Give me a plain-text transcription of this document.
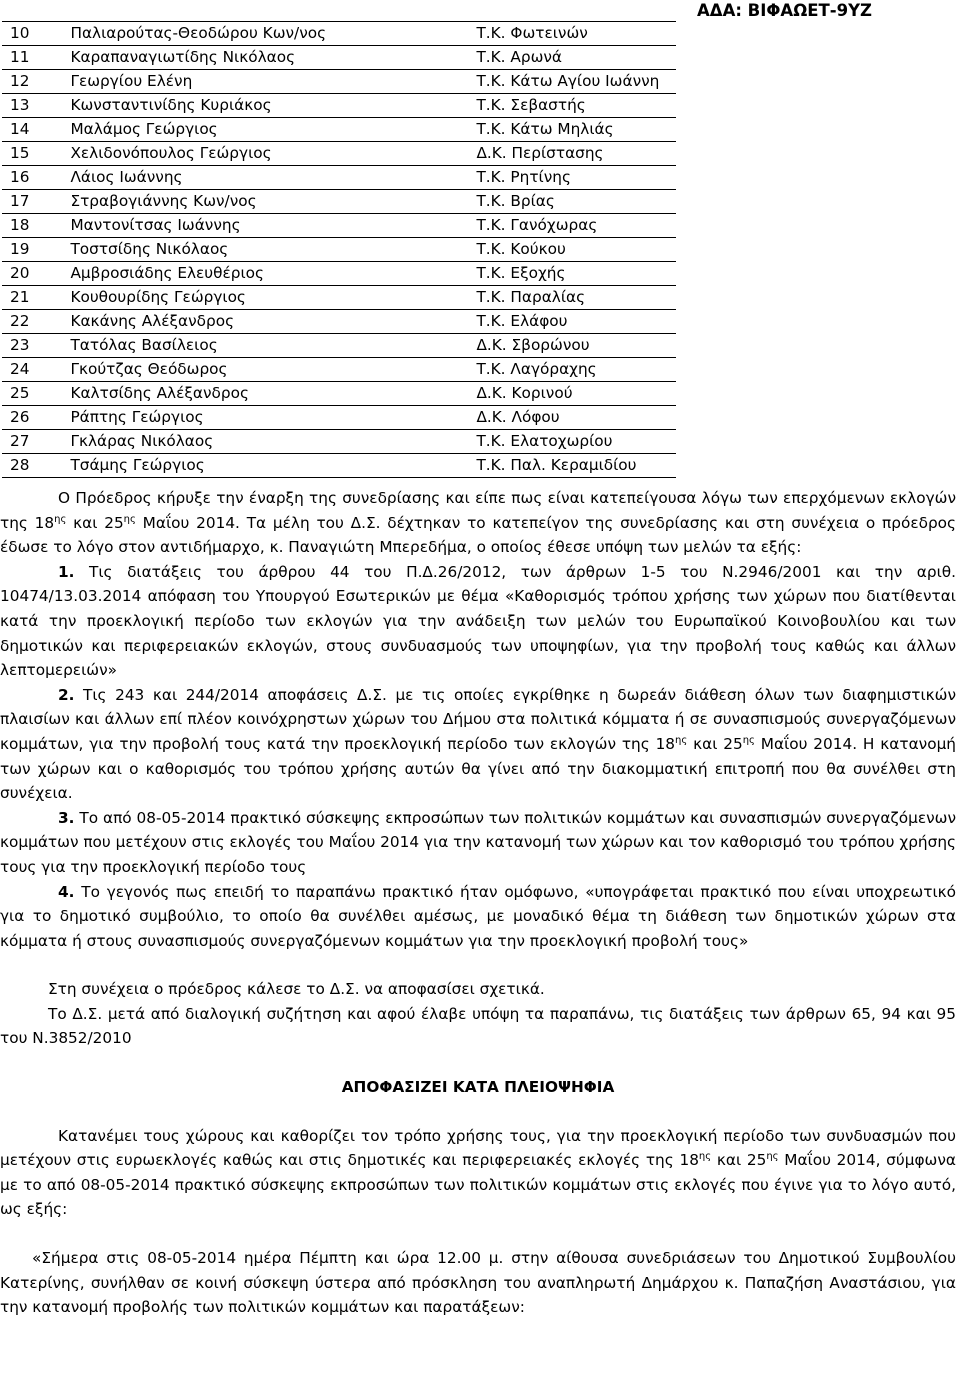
ΑΔΑ: ΒΙΦΑΩΕΤ-9ΥΖ
10	Παλιαρούτας-Θεοδώρου Κων/νος	Τ.Κ. Φωτεινών
11	Καραπαναγιωτίδης Νικόλαος	Τ.Κ. Αρωνά
12	Γεωργίου Ελένη	Τ.Κ. Κάτω Αγίου Ιωάννη
13	Κωνσταντινίδης Κυριάκος	Τ.Κ. Σεβαστής
14	Μαλάμος Γεώργιος	Τ.Κ. Κάτω Μηλιάς
15	Χελιδονόπουλος Γεώργιος	Δ.Κ. Περίστασης
16	Λάιος Ιωάννης	Τ.Κ. Ρητίνης
17	Στραβογιάννης Κων/νος	Τ.Κ. Βρίας
18	Μαντονίτσας Ιωάννης	Τ.Κ. Γανόχωρας
19	Τοστσίδης Νικόλαος	Τ.Κ. Κούκου
20	Αμβροσιάδης Ελευθέριος	Τ.Κ. Εξοχής
21	Κουθουρίδης Γεώργιος	Τ.Κ. Παραλίας
22	Κακάνης Αλέξανδρος	Τ.Κ. Ελάφου
23	Τατόλας Βασίλειος	Δ.Κ. Σβορώνου
24	Γκούτζας Θεόδωρος	Τ.Κ. Λαγόραχης
25	Καλτσίδης Αλέξανδρος	Δ.Κ. Κορινού
26	Ράπτης Γεώργιος	Δ.Κ. Λόφου
27	Γκλάρας Νικόλαος	Τ.Κ. Ελατοχωρίου
28	Τσάμης Γεώργιος	Τ.Κ. Παλ. Κεραμιδίου

Ο Πρόεδρος κήρυξε την έναρξη της συνεδρίασης και είπε πως είναι κατεπείγουσα λόγω των επερχόμενων εκλογών της $18^{\eta\varsigma}$ και $25^{\eta\varsigma}$ Μαΐου 2014. Τα μέλη του Δ.Σ. δέχτηκαν το κατεπείγον της συνεδρίασης και στη συνέχεια ο πρόεδρος έδωσε το λόγο στον αντιδήμαρχο, κ. Παναγιώτη Μπερεδήμα, ο οποίος έθεσε υπόψη των μελών τα εξής:

1. Τις διατάξεις του άρθρου 44 του Π.Δ.26/2012, των άρθρων 1-5 του Ν.2946/2001 και την αριθ. 10474/13.03.2014 απόφαση του Υπουργού Εσωτερικών με θέμα «Καθορισμός τρόπου χρήσης των χώρων που διατίθενται κατά την προεκλογική περίοδο των εκλογών για την ανάδειξη των μελών του Ευρωπαϊκού Κοινοβουλίου και των δημοτικών και περιφερειακών εκλογών, στους συνδυασμούς των υποψηφίων, για την προβολή τους καθώς και άλλων λεπτομερειών»

2. Τις 243 και 244/2014 αποφάσεις Δ.Σ. με τις οποίες εγκρίθηκε η δωρεάν διάθεση όλων των διαφημιστικών πλαισίων και άλλων επί πλέον κοινόχρηστων χώρων του Δήμου στα πολιτικά κόμματα ή σε συνασπισμούς συνεργαζόμενων κομμάτων, για την προβολή τους κατά την προεκλογική περίοδο των εκλογών της $18^{\eta\varsigma}$ και $25^{\eta\varsigma}$ Μαΐου 2014. Η κατανομή των χώρων και ο καθορισμός του τρόπου χρήσης αυτών θα γίνει από την διακομματική επιτροπή που θα συνέλθει στη συνέχεια.

3. Το από 08-05-2014 πρακτικό σύσκεψης εκπροσώπων των πολιτικών κομμάτων και συνασπισμών συνεργαζόμενων κομμάτων που μετέχουν στις εκλογές του Μαΐου 2014 για την κατανομή των χώρων και τον καθορισμό του τρόπου χρήσης τους για την προεκλογική περίοδο τους

4. Το γεγονός πως επειδή το παραπάνω πρακτικό ήταν ομόφωνο, «υπογράφεται πρακτικό που είναι υποχρεωτικό για το δημοτικό συμβούλιο, το οποίο θα συνέλθει αμέσως, με μοναδικό θέμα τη διάθεση των δημοτικών χώρων στα κόμματα ή στους συνασπισμούς συνεργαζόμενων κομμάτων για την προεκλογική προβολή τους»

Στη συνέχεια ο πρόεδρος κάλεσε το Δ.Σ. να αποφασίσει σχετικά.

Το Δ.Σ. μετά από διαλογική συζήτηση και αφού έλαβε υπόψη τα παραπάνω, τις διατάξεις των άρθρων 65, 94 και 95 του Ν.3852/2010

ΑΠΟΦΑΣΙΖΕΙ ΚΑΤΑ ΠΛΕΙΟΨΗΦΙΑ

Κατανέμει τους χώρους και καθορίζει τον τρόπο χρήσης τους, για την προεκλογική περίοδο των συνδυασμών που μετέχουν στις ευρωεκλογές καθώς και στις δημοτικές και περιφερειακές εκλογές της $18^{\eta\varsigma}$ και $25^{\eta\varsigma}$ Μαΐου 2014, σύμφωνα με το από 08-05-2014 πρακτικό σύσκεψης εκπροσώπων των πολιτικών κομμάτων στις εκλογές που έγινε για το λόγο αυτό, ως εξής:

«Σήμερα στις 08-05-2014 ημέρα Πέμπτη και ώρα 12.00 μ. στην αίθουσα συνεδριάσεων του Δημοτικού Συμβουλίου Κατερίνης, συνήλθαν σε κοινή σύσκεψη ύστερα από πρόσκληση του αναπληρωτή Δημάρχου κ. Παπαζήση Αναστάσιου, για την κατανομή προβολής των πολιτικών κομμάτων και παρατάξεων:
